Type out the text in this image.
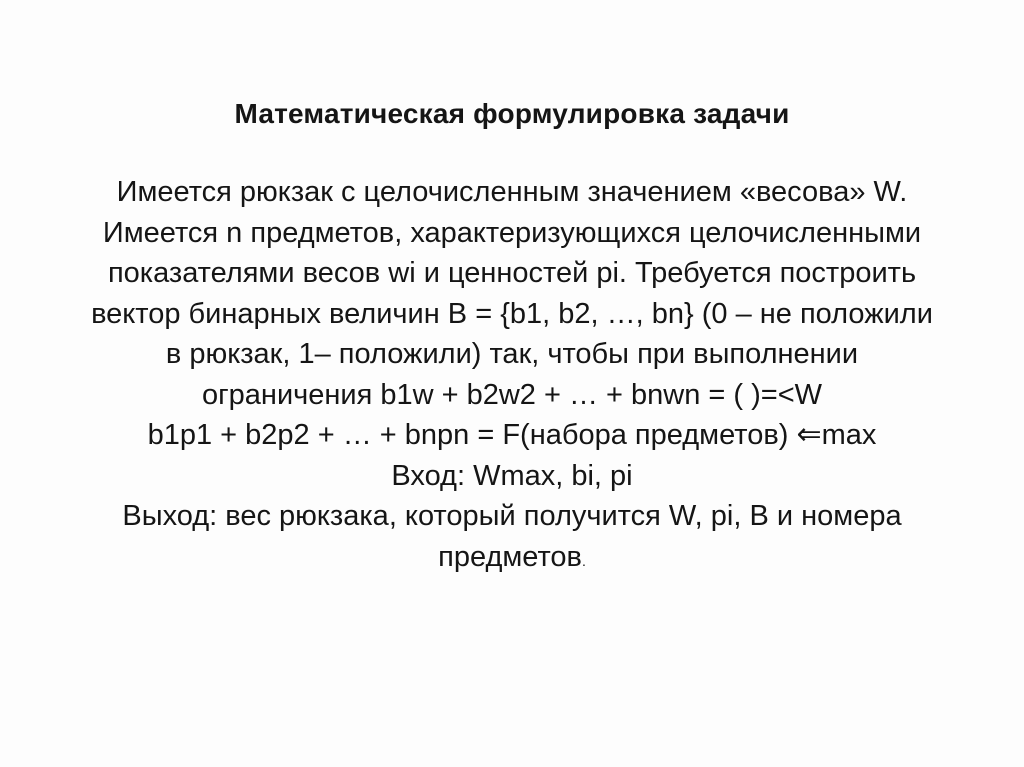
Математическая формулировка задачи
Имеется рюкзак с целочисленным значением «весова» W.
Имеется n предметов, характеризующихся целочисленными
показателями весов wi и ценностей pi. Требуется построить
вектор бинарных величин B = {b1, b2, …, bn} (0 – не положили
в рюкзак, 1– положили) так, чтобы при выполнении
ограничения b1w + b2w2 + … + bnwn = ( )=<W
b1p1 + b2p2 + … + bnpn = F(набора предметов) ⇐max
Вход: Wmax, bi, pi
Выход: вес рюкзака, который получится W, pi, B и номера
предметов.
